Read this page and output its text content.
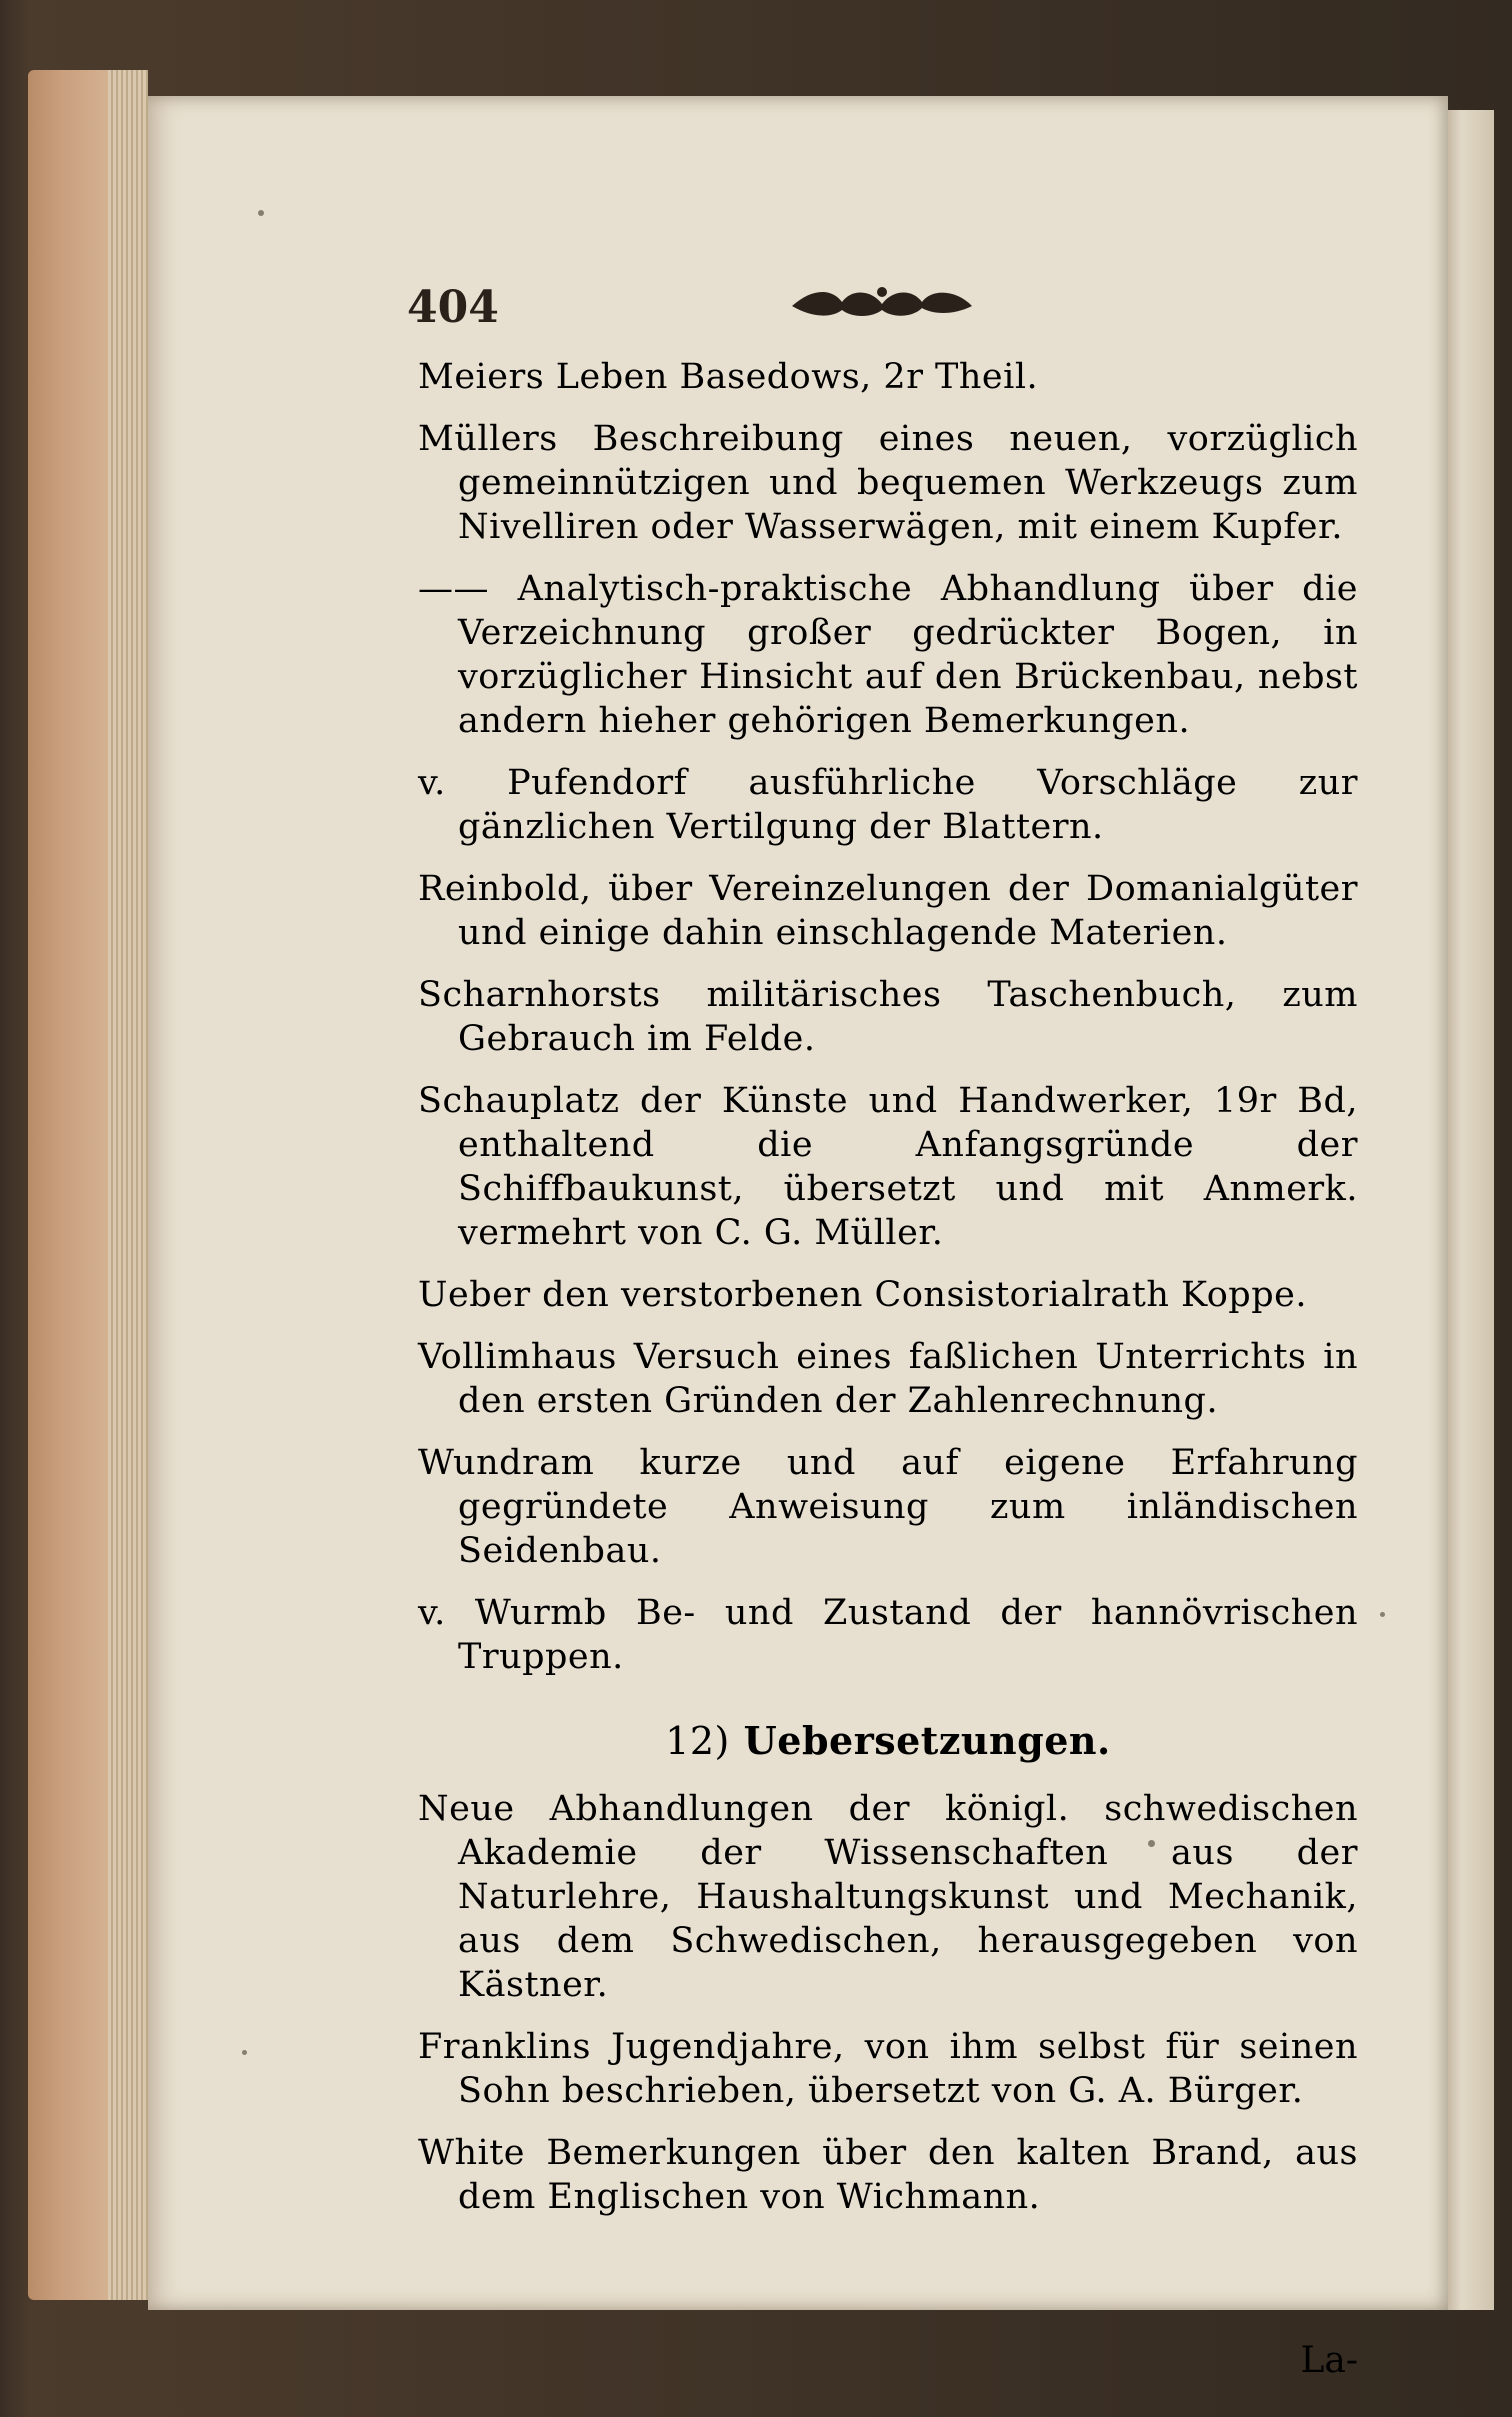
404

Meiers Leben Basedows, 2r Theil.

Müllers Beschreibung eines neuen, vorzüglich gemeinnützigen und bequemen Werkzeugs zum Nivelliren oder Wasserwägen, mit einem Kupfer.

—— Analytisch-praktische Abhandlung über die Verzeichnung großer gedrückter Bogen, in vorzüglicher Hinsicht auf den Brückenbau, nebst andern hieher gehörigen Bemerkungen.

v. Pufendorf ausführliche Vorschläge zur gänzlichen Vertilgung der Blattern.

Reinbold, über Vereinzelungen der Domanialgüter und einige dahin einschlagende Materien.

Scharnhorsts militärisches Taschenbuch, zum Gebrauch im Felde.

Schauplatz der Künste und Handwerker, 19r Bd, enthaltend die Anfangsgründe der Schiffbaukunst, übersetzt und mit Anmerk. vermehrt von C. G. Müller.

Ueber den verstorbenen Consistorialrath Koppe.

Vollimhaus Versuch eines faßlichen Unterrichts in den ersten Gründen der Zahlenrechnung.

Wundram kurze und auf eigene Erfahrung gegründete Anweisung zum inländischen Seidenbau.

v. Wurmb Be- und Zustand der hannövrischen Truppen.

12) Uebersetzungen.

Neue Abhandlungen der königl. schwedischen Akademie der Wissenschaften aus der Naturlehre, Haushaltungskunst und Mechanik, aus dem Schwedischen, herausgegeben von Kästner.

Franklins Jugendjahre, von ihm selbst für seinen Sohn beschrieben, übersetzt von G. A. Bürger.

White Bemerkungen über den kalten Brand, aus dem Englischen von Wichmann.

La-
